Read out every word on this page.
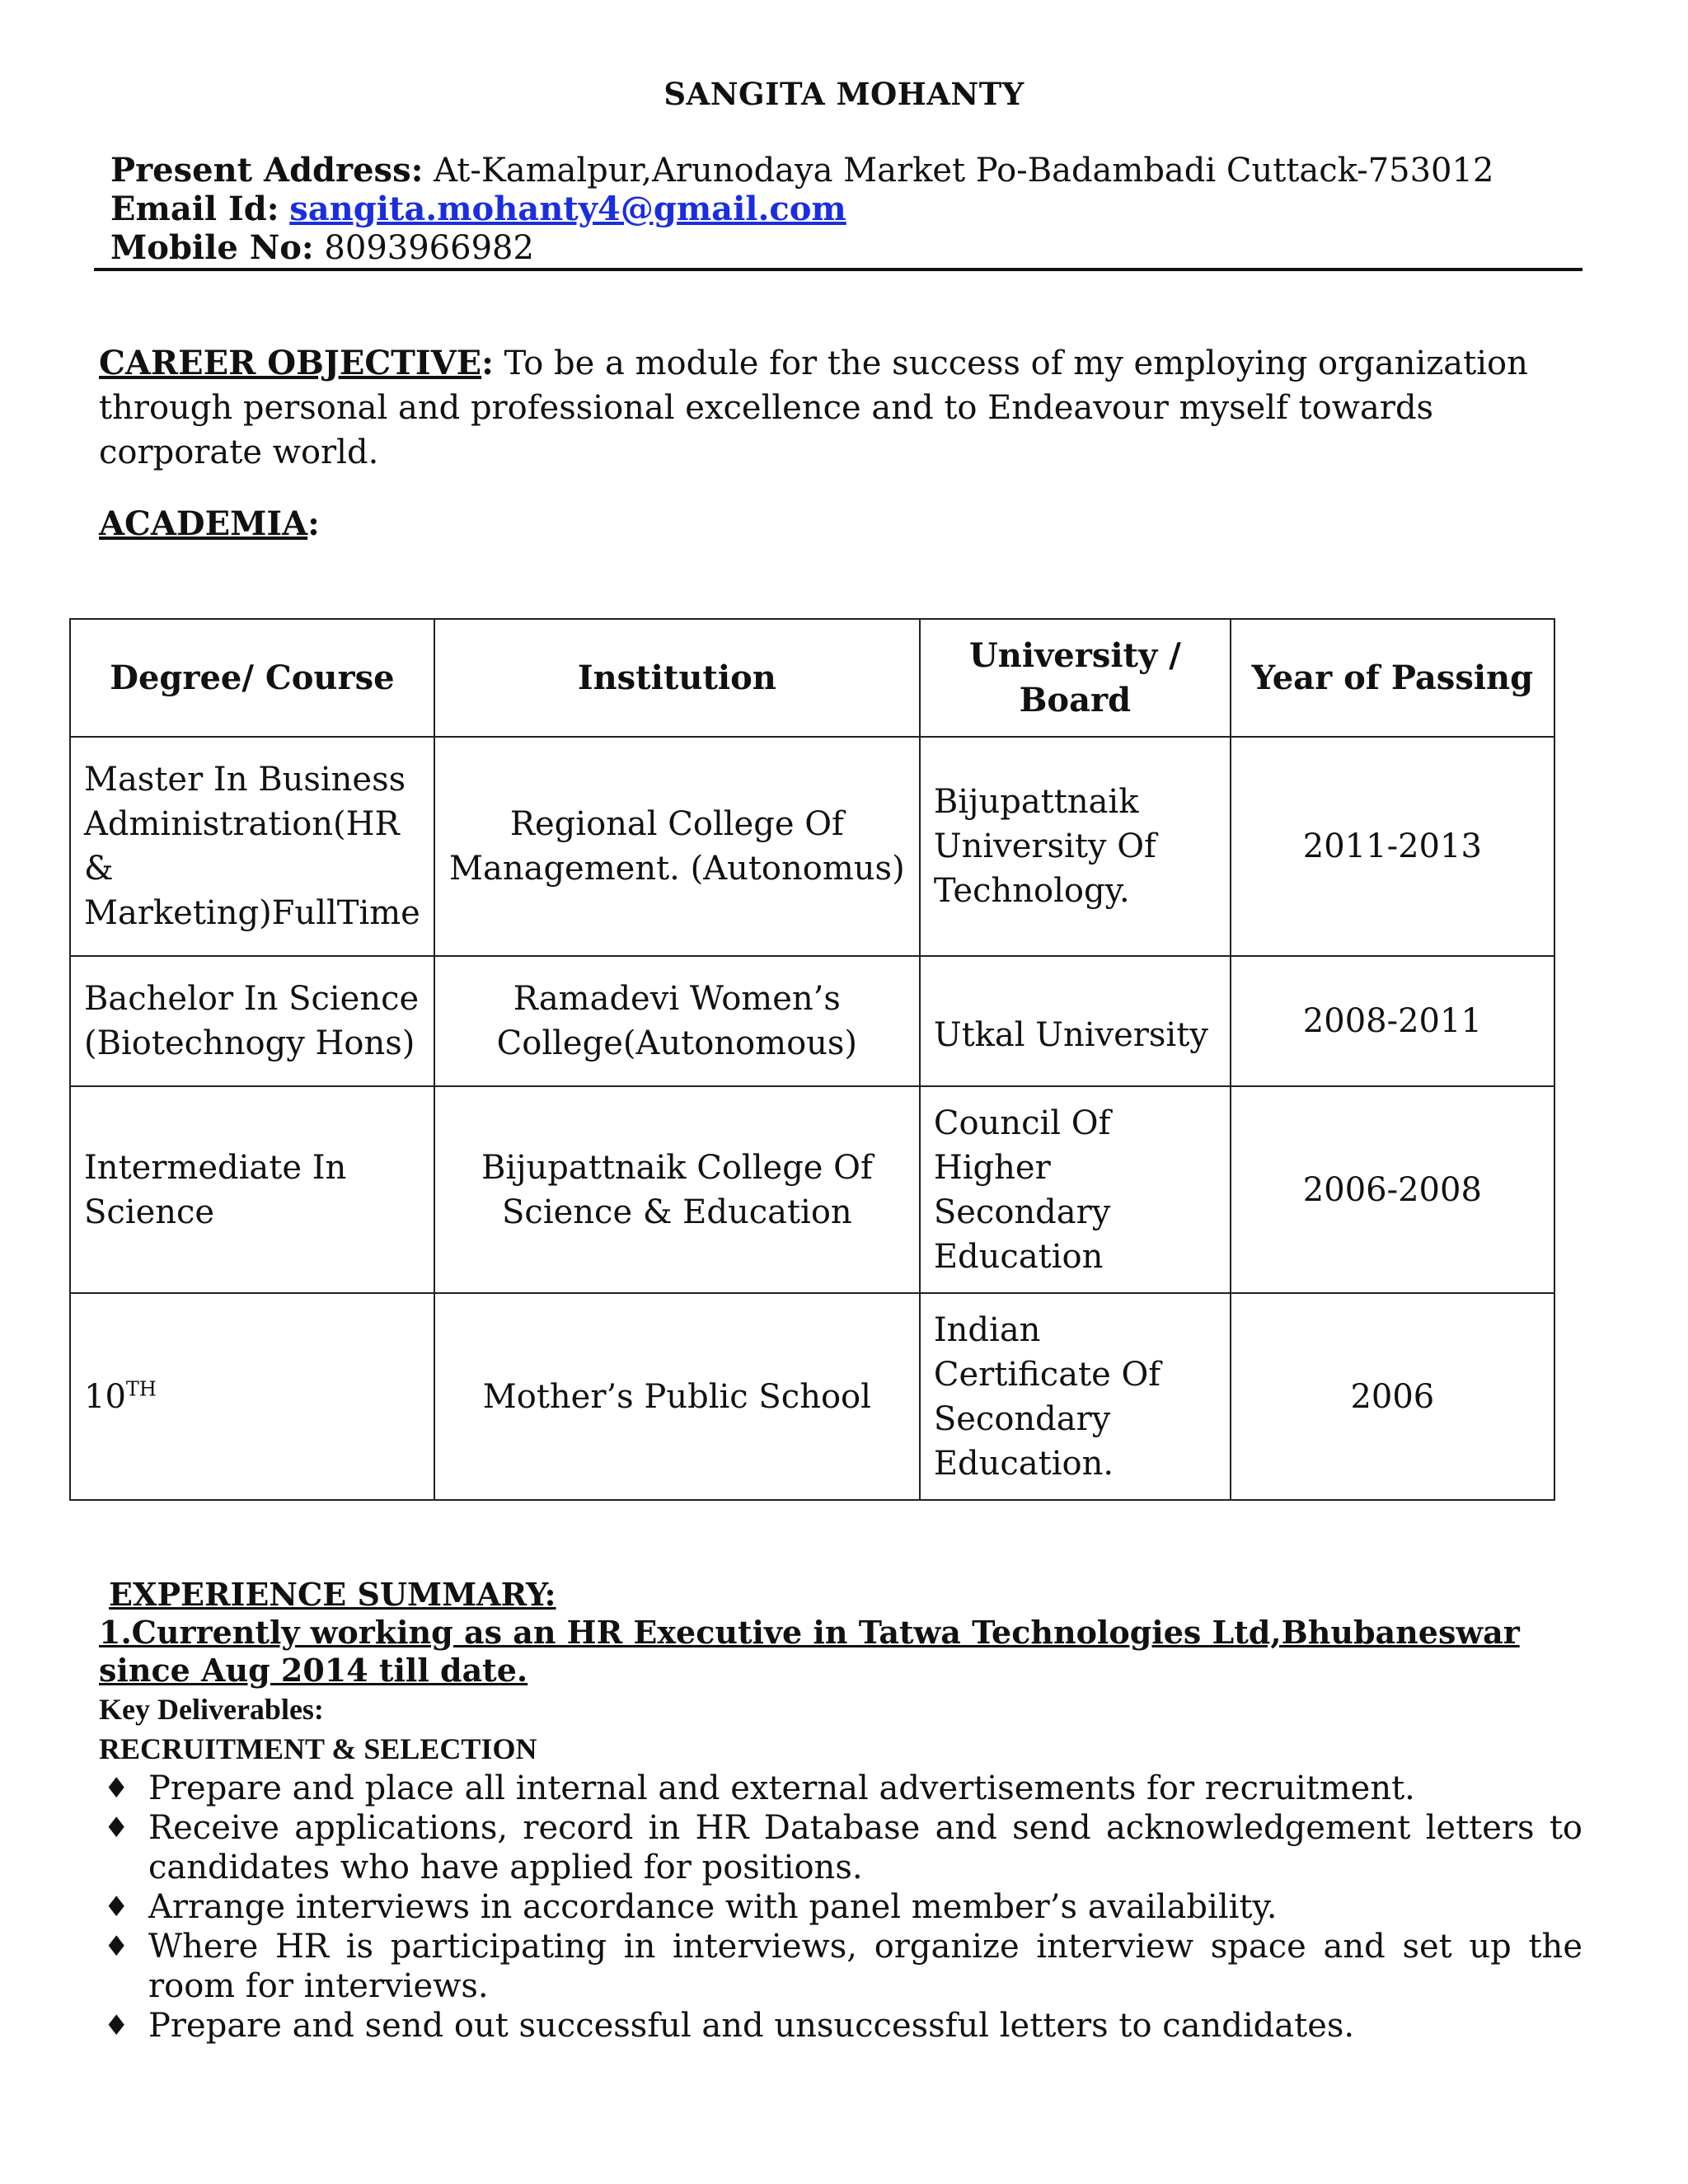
SANGITA MOHANTY
Present Address: At-Kamalpur,Arunodaya Market Po-Badambadi Cuttack-753012
Email Id: sangita.mohanty4@gmail.com
Mobile No: 8093966982
CAREER OBJECTIVE: To be a module for the success of my employing organization through personal and professional excellence and to Endeavour myself towards corporate world.
ACADEMIA:
Degree/ Course	Institution	University / Board	Year of Passing
Master In Business Administration(HR & Marketing)FullTime	Regional College Of Management. (Autonomus)	Bijupattnaik University Of Technology.	2011-2013
Bachelor In Science (Biotechnogy Hons)	Ramadevi Women’s College(Autonomous)	Utkal University	2008-2011
Intermediate In Science	Bijupattnaik College Of Science & Education	Council Of Higher Secondary Education	2006-2008
10TH	Mother’s Public School	Indian Certificate Of Secondary Education.	2006
EXPERIENCE SUMMARY:
1.Currently working as an HR Executive in Tatwa Technologies Ltd,Bhubaneswar since Aug 2014 till date.
Key Deliverables:
RECRUITMENT & SELECTION
♦ Prepare and place all internal and external advertisements for recruitment.
♦ Receive applications, record in HR Database and send acknowledgement letters to candidates who have applied for positions.
♦ Arrange interviews in accordance with panel member’s availability.
♦ Where HR is participating in interviews, organize interview space and set up the room for interviews.
♦ Prepare and send out successful and unsuccessful letters to candidates.
